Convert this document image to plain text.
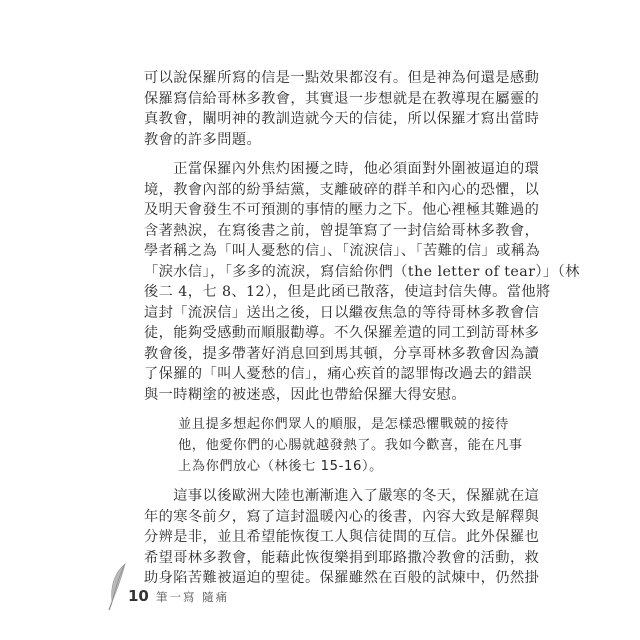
可以說保羅所寫的信是一點效果都沒有。但是神為何還是感動
保羅寫信給哥林多教會，其實退一步想就是在教導現在屬靈的
真教會，闡明神的教訓造就今天的信徒，所以保羅才寫出當時
教會的許多問題。
　　正當保羅內外焦灼困擾之時，他必須面對外圍被逼迫的環
境，教會內部的紛爭結黨，支離破碎的群羊和內心的恐懼，以
及明天會發生不可預測的事情的壓力之下。他心裡極其難過的
含著熱淚，在寫後書之前，曾提筆寫了一封信給哥林多教會，
學者稱之為「叫人憂愁的信」、「流淚信」、「苦難的信」或稱為
「淚水信」，「多多的流淚，寫信給你們（the letter of tear）」（林
後二 4，七 8、12），但是此函已散落，使這封信失傳。當他將
這封「流淚信」送出之後，日以繼夜焦急的等待哥林多教會信
徒，能夠受感動而順服勸導。不久保羅差遣的同工到訪哥林多
教會後，提多帶著好消息回到馬其頓，分享哥林多教會因為讀
了保羅的「叫人憂愁的信」，痛心疾首的認罪悔改過去的錯誤
與一時糊塗的被迷惑，因此也帶給保羅大得安慰。
並且提多想起你們眾人的順服，是怎樣恐懼戰兢的接待
他，他愛你們的心腸就越發熱了。我如今歡喜，能在凡事
上為你們放心（林後七 15-16）。
　　這事以後歐洲大陸也漸漸進入了嚴寒的冬天，保羅就在這
年的寒冬前夕，寫了這封溫暖內心的後書，內容大致是解釋與
分辨是非，並且希望能恢復工人與信徒間的互信。此外保羅也
希望哥林多教會，能藉此恢復樂捐到耶路撒冷教會的活動，救
助身陷苦難被逼迫的聖徒。保羅雖然在百般的試煉中，仍然掛
10 筆一寫 隨痛
